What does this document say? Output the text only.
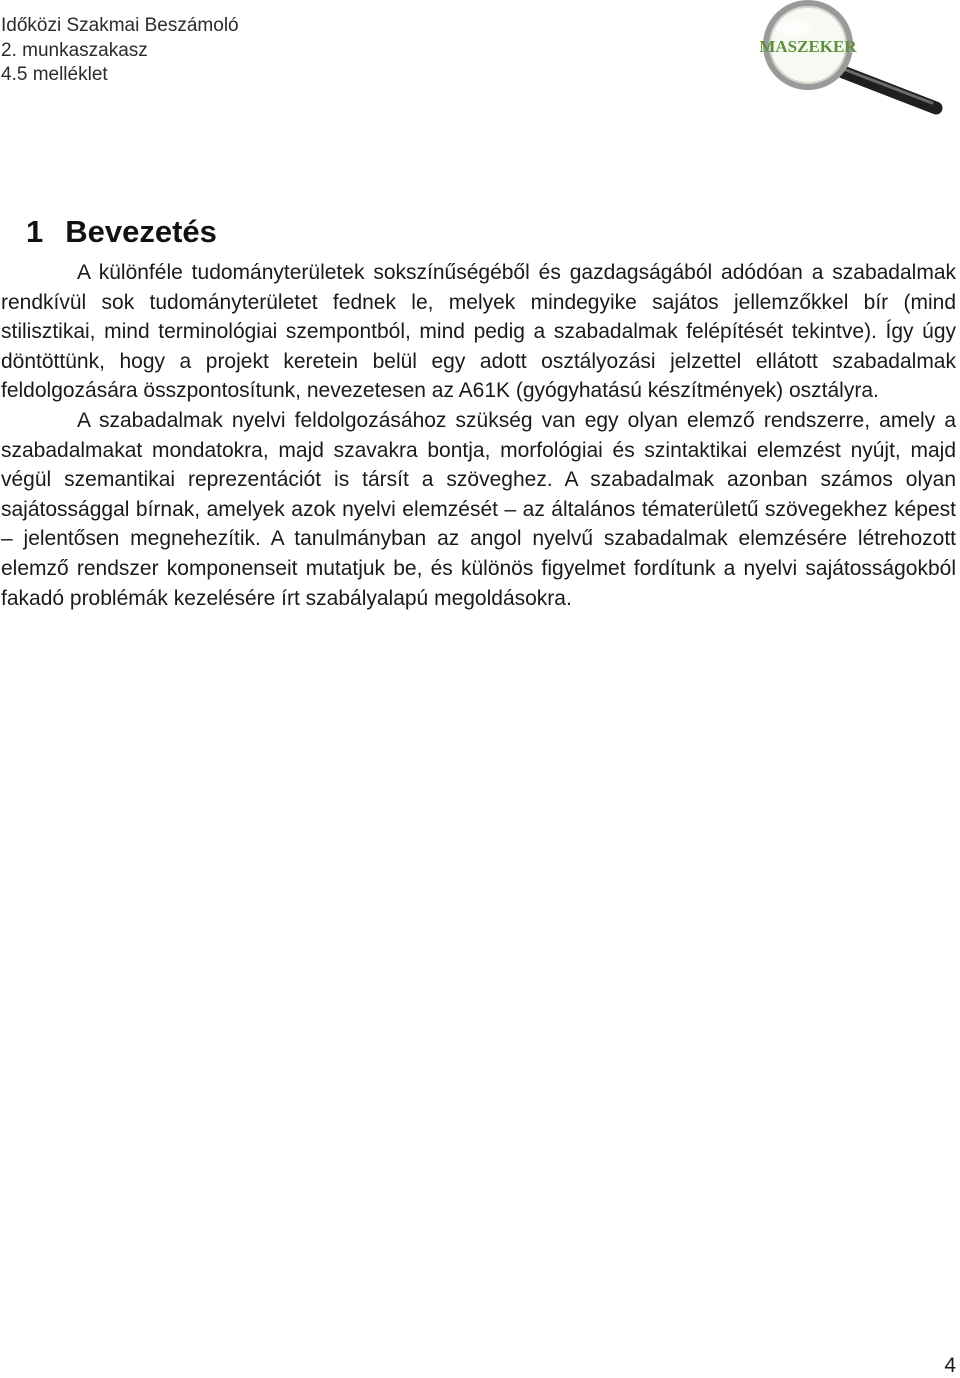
Időközi Szakmai Beszámoló
2. munkaszakasz
4.5 melléklet
MASZEKER
1 Bevezetés

A különféle tudományterületek sokszínűségéből és gazdagságából adódóan a szabadalmak rendkívül sok tudományterületet fednek le, melyek mindegyike sajátos jellemzőkkel bír (mind stilisztikai, mind terminológiai szempontból, mind pedig a szabadalmak felépítését tekintve). Így úgy döntöttünk, hogy a projekt keretein belül egy adott osztályozási jelzettel ellátott szabadalmak feldolgozására összpontosítunk, nevezetesen az A61K (gyógyhatású készítmények) osztályra.

A szabadalmak nyelvi feldolgozásához szükség van egy olyan elemző rendszerre, amely a szabadalmakat mondatokra, majd szavakra bontja, morfológiai és szintaktikai elemzést nyújt, majd végül szemantikai reprezentációt is társít a szöveghez. A szabadalmak azonban számos olyan sajátossággal bírnak, amelyek azok nyelvi elemzését – az általános tématerületű szövegekhez képest – jelentősen megnehezítik. A tanulmányban az angol nyelvű szabadalmak elemzésére létrehozott elemző rendszer komponenseit mutatjuk be, és különös figyelmet fordítunk a nyelvi sajátosságokból fakadó problémák kezelésére írt szabályalapú megoldásokra.

4
